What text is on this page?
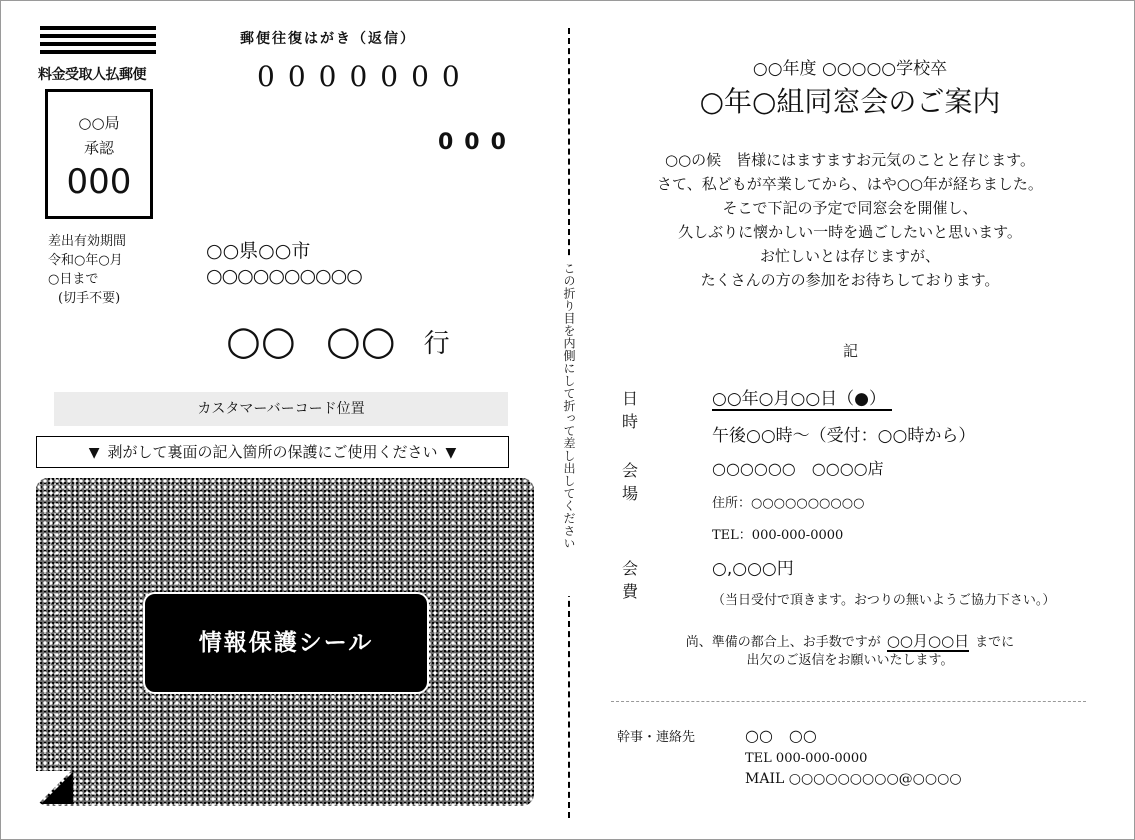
料金受取人払郵便
○○局
承認
000
差出有効期間
令和○年○月
○日まで
(切手不要)
郵便往復はがき（返信）
0000000
000
○○県○○市
○○○○○○○○○○
○○ ○○ 行
カスタマーバーコード位置
▼ 剥がして裏面の記入箇所の保護にご使用ください ▼
情報保護シール
この折り目を内側にして折って差し出してください
○○年度 ○○○○○学校卒
○年○組同窓会のご案内
○○の候　皆様にはますますお元気のことと存じます。
さて、私どもが卒業してから、はや○○年が経ちました。
そこで下記の予定で同窓会を開催し、
久しぶりに懐かしい一時を過ごしたいと思います。
お忙しいとは存じますが、
たくさんの方の参加をお待ちしております。
記
日時
○○年○月○○日（●）
午後○○時～（受付：○○時から）
会場
○○○○○○　○○○○店
住所：○○○○○○○○○○
TEL：000-000-0000
会費
○,○○○円
（当日受付で頂きます。おつりの無いようご協力下さい。）
尚、準備の都合上、お手数ですが ○○月○○日 までに
出欠のご返信をお願いいたします。
幹事・連絡先	○○ ○○
TEL 000-000-0000
MAIL ○○○○○○○○○@○○○○
